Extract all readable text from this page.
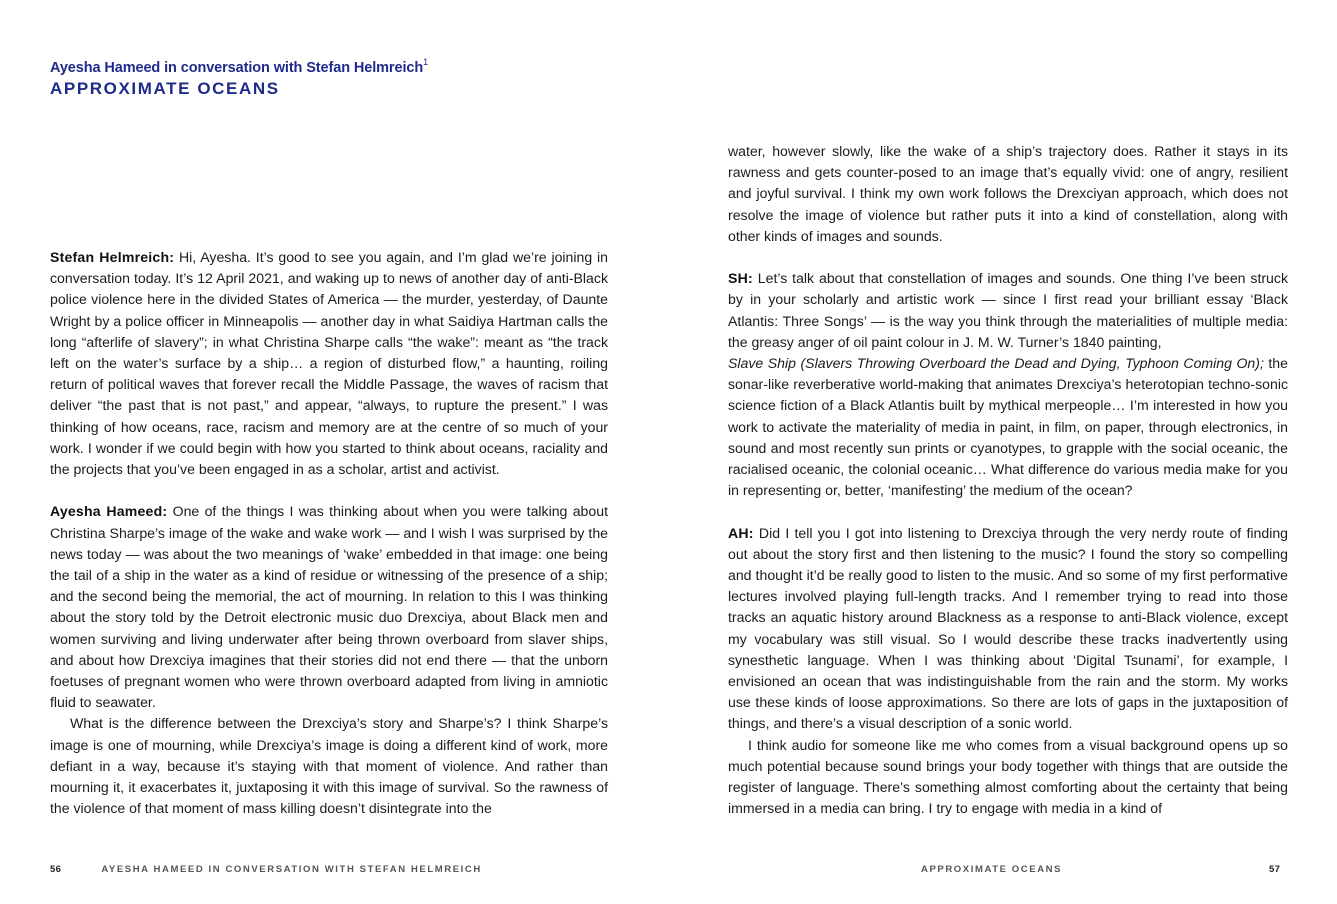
Ayesha Hameed in conversation with Stefan Helmreich$^1$
APPROXIMATE OCEANS

Stefan Helmreich: Hi, Ayesha. It’s good to see you again, and I’m glad we’re joining in conversation today. It’s 12 April 2021, and waking up to news of another day of anti-Black police violence here in the divided States of America — the murder, yesterday, of Daunte Wright by a police officer in Minneapolis — another day in what Saidiya Hartman calls the long “afterlife of slavery”; in what Christina Sharpe calls “the wake”: meant as “the track left on the water’s surface by a ship… a region of disturbed flow,” a haunting, roiling return of political waves that forever recall the Middle Passage, the waves of racism that deliver “the past that is not past,” and appear, “always, to rupture the present.” I was thinking of how oceans, race, racism and memory are at the centre of so much of your work. I wonder if we could begin with how you started to think about oceans, raciality and the projects that you’ve been engaged in as a scholar, artist and activist.

Ayesha Hameed: One of the things I was thinking about when you were talking about Christina Sharpe’s image of the wake and wake work — and I wish I was surprised by the news today — was about the two meanings of ‘wake’ embedded in that image: one being the tail of a ship in the water as a kind of residue or witnessing of the presence of a ship; and the second being the memorial, the act of mourning. In relation to this I was thinking about the story told by the Detroit electronic music duo Drexciya, about Black men and women surviving and living underwater after being thrown overboard from slaver ships, and about how Drexciya imagines that their stories did not end there — that the unborn foetuses of pregnant women who were thrown overboard adapted from living in amniotic fluid to seawater.

What is the difference between the Drexciya’s story and Sharpe’s? I think Sharpe’s image is one of mourning, while Drexciya’s image is doing a different kind of work, more defiant in a way, because it’s staying with that moment of violence. And rather than mourning it, it exacerbates it, juxtaposing it with this image of survival. So the rawness of the violence of that moment of mass killing doesn’t disintegrate into the

56	AYESHA HAMEED IN CONVERSATION WITH STEFAN HELMREICH

water, however slowly, like the wake of a ship’s trajectory does. Rather it stays in its rawness and gets counter-posed to an image that’s equally vivid: one of angry, resilient and joyful survival. I think my own work follows the Drexciyan approach, which does not resolve the image of violence but rather puts it into a kind of constellation, along with other kinds of images and sounds.

SH: Let’s talk about that constellation of images and sounds. One thing I’ve been struck by in your scholarly and artistic work — since I first read your brilliant essay ‘Black Atlantis: Three Songs’ — is the way you think through the materialities of multiple media: the greasy anger of oil paint colour in J. M. W. Turner’s 1840 painting,
Slave Ship (Slavers Throwing Overboard the Dead and Dying, Typhoon Coming On); the sonar-like reverberative world-making that animates Drexciya’s heterotopian techno-sonic science fiction of a Black Atlantis built by mythical merpeople… I’m interested in how you work to activate the materiality of media in paint, in film, on paper, through electronics, in sound and most recently sun prints or cyanotypes, to grapple with the social oceanic, the racialised oceanic, the colonial oceanic… What difference do various media make for you in representing or, better, ‘manifesting’ the medium of the ocean?

AH: Did I tell you I got into listening to Drexciya through the very nerdy route of finding out about the story first and then listening to the music? I found the story so compelling and thought it’d be really good to listen to the music. And so some of my first performative lectures involved playing full-length tracks. And I remember trying to read into those tracks an aquatic history around Blackness as a response to anti-Black violence, except my vocabulary was still visual. So I would describe these tracks inadvertently using synesthetic language. When I was thinking about ‘Digital Tsunami’, for example, I envisioned an ocean that was indistinguishable from the rain and the storm. My works use these kinds of loose approximations. So there are lots of gaps in the juxtaposition of things, and there’s a visual description of a sonic world.

I think audio for someone like me who comes from a visual background opens up so much potential because sound brings your body together with things that are outside the register of language. There’s something almost comforting about the certainty that being immersed in a media can bring. I try to engage with media in a kind of

APPROXIMATE OCEANS	57
